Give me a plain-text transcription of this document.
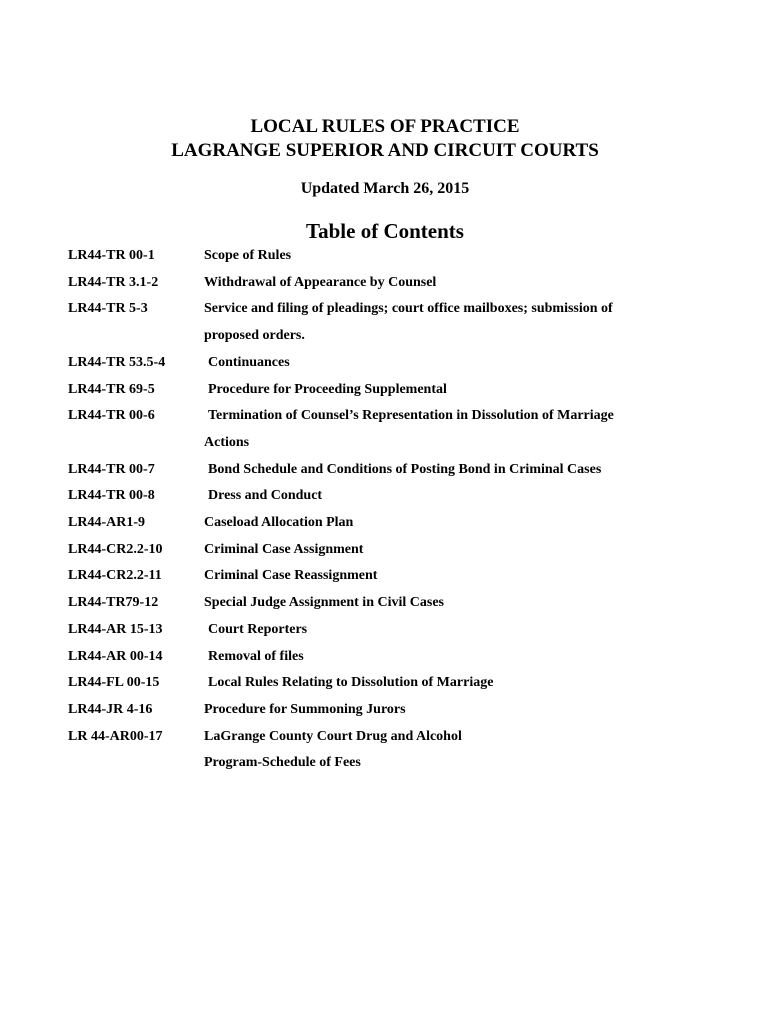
LOCAL RULES OF PRACTICE
LAGRANGE SUPERIOR AND CIRCUIT COURTS
Updated March 26, 2015
Table of Contents
LR44-TR 00-1	Scope of Rules
LR44-TR 3.1-2	Withdrawal of Appearance by Counsel
LR44-TR 5-3	Service and filing of pleadings; court office mailboxes; submission of
proposed orders.
LR44-TR 53.5-4	Continuances
LR44-TR 69-5	Procedure for Proceeding Supplemental
LR44-TR 00-6	Termination of Counsel’s Representation in Dissolution of Marriage
Actions
LR44-TR 00-7	Bond Schedule and Conditions of Posting Bond in Criminal Cases
LR44-TR 00-8	Dress and Conduct
LR44-AR1-9	Caseload Allocation Plan
LR44-CR2.2-10	Criminal Case Assignment
LR44-CR2.2-11	Criminal Case Reassignment
LR44-TR79-12	Special Judge Assignment in Civil Cases
LR44-AR 15-13	Court Reporters
LR44-AR 00-14	Removal of files
LR44-FL 00-15	Local Rules Relating to Dissolution of Marriage
LR44-JR 4-16	Procedure for Summoning Jurors
LR 44-AR00-17	LaGrange County Court Drug and Alcohol
Program-Schedule of Fees
